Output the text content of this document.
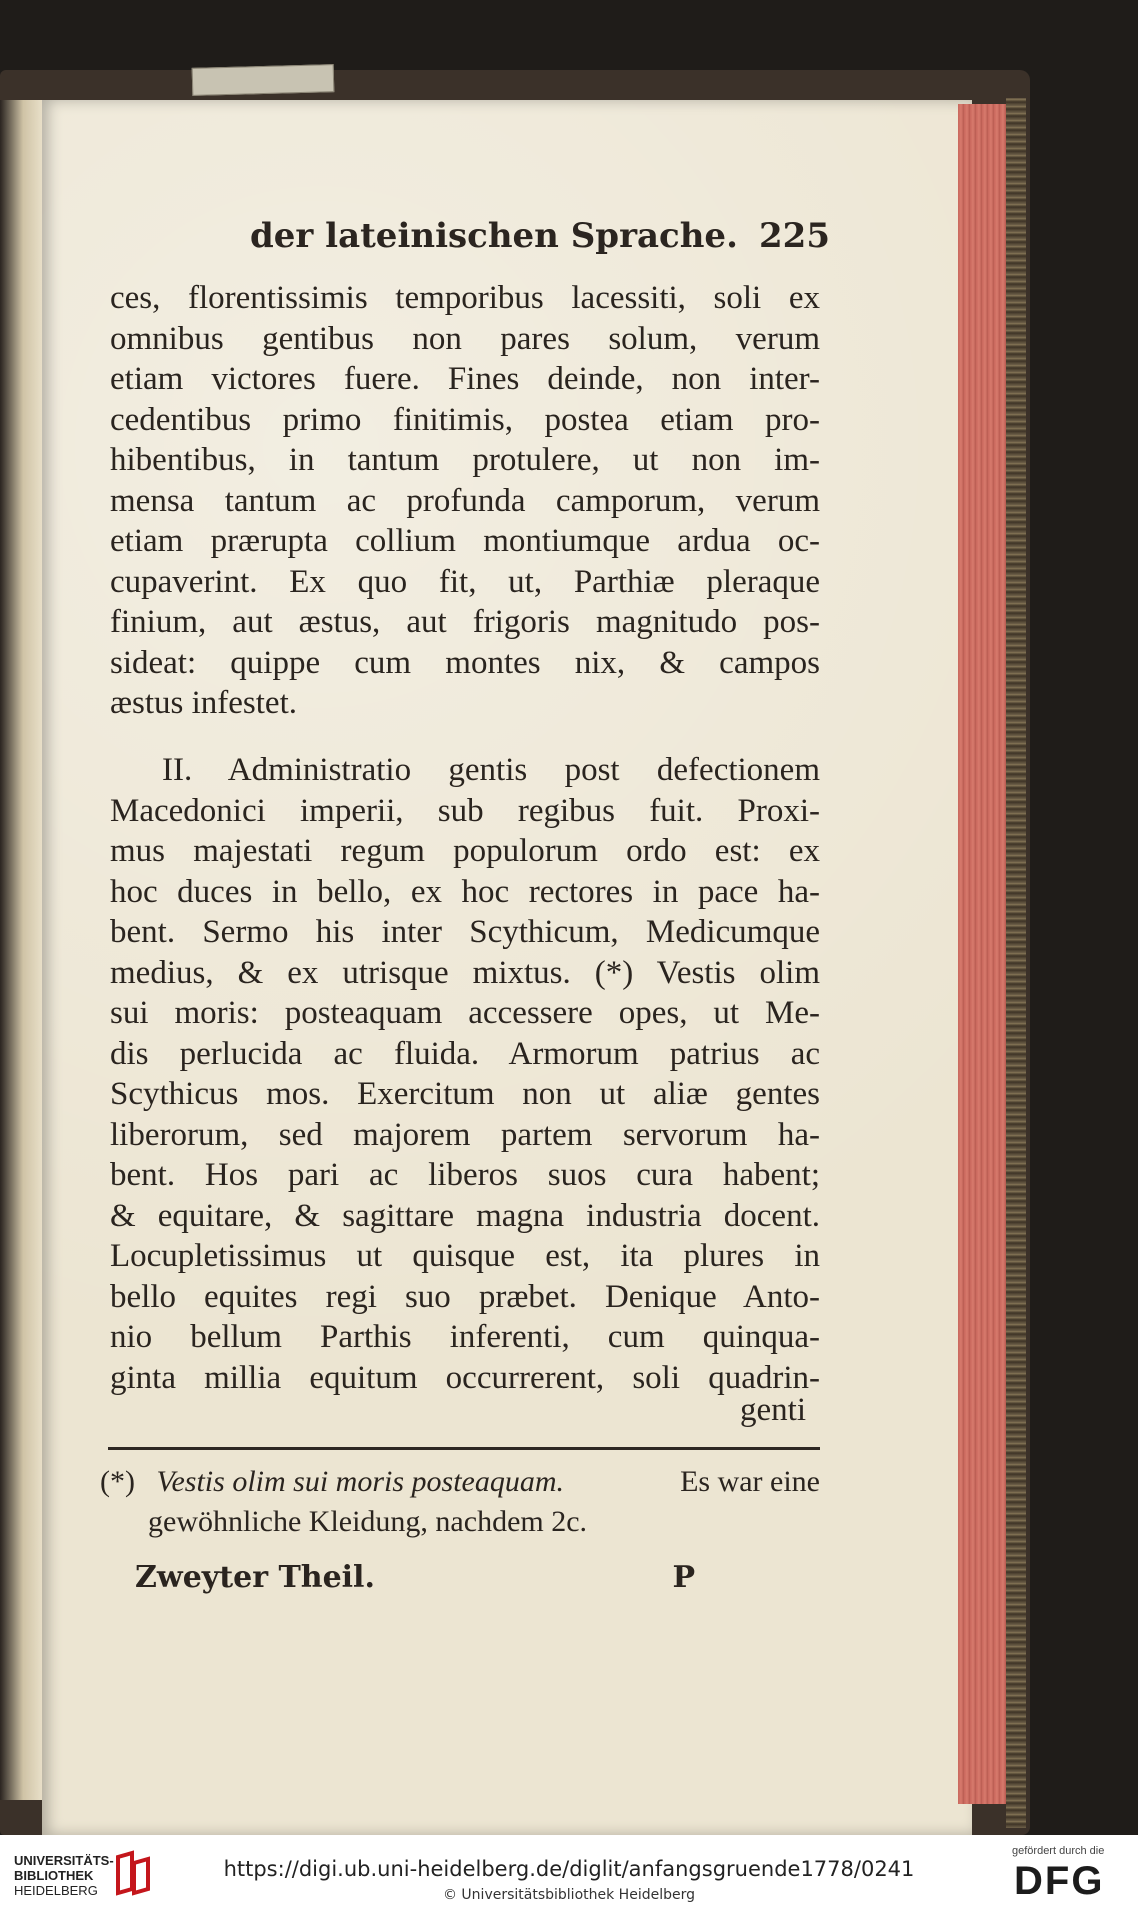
der lateinischen Sprache. 225
ces, florentissimis temporibus lacessiti, soli ex
omnibus gentibus non pares solum, verum
etiam victores fuere. Fines deinde, non inter-
cedentibus primo finitimis, postea etiam pro-
hibentibus, in tantum protulere, ut non im-
mensa tantum ac profunda camporum, verum
etiam prærupta collium montiumque ardua oc-
cupaverint. Ex quo fit, ut, Parthiæ pleraque
finium, aut æstus, aut frigoris magnitudo pos-
sideat: quippe cum montes nix, & campos
æstus infestet.
II. Administratio gentis post defectionem
Macedonici imperii, sub regibus fuit. Proxi-
mus majestati regum populorum ordo est: ex
hoc duces in bello, ex hoc rectores in pace ha-
bent. Sermo his inter Scythicum, Medicumque
medius, & ex utrisque mixtus. (*) Vestis olim
sui moris: posteaquam accessere opes, ut Me-
dis perlucida ac fluida. Armorum patrius ac
Scythicus mos. Exercitum non ut aliæ gentes
liberorum, sed majorem partem servorum ha-
bent. Hos pari ac liberos suos cura habent;
& equitare, & sagittare magna industria docent.
Locupletissimus ut quisque est, ita plures in
bello equites regi suo præbet. Denique Anto-
nio bellum Parthis inferenti, cum quinqua-
ginta millia equitum occurrerent, soli quadrin-
genti
(*) Vestis olim sui moris posteaquam.	Es war eine
gewöhnliche Kleidung, nachdem 2c.
Zweyter Theil.	P
UNIVERSITÄTS-
BIBLIOTHEK
HEIDELBERG
https://digi.ub.uni-heidelberg.de/diglit/anfangsgruende1778/0241
© Universitätsbibliothek Heidelberg
gefördert durch die
DFG
